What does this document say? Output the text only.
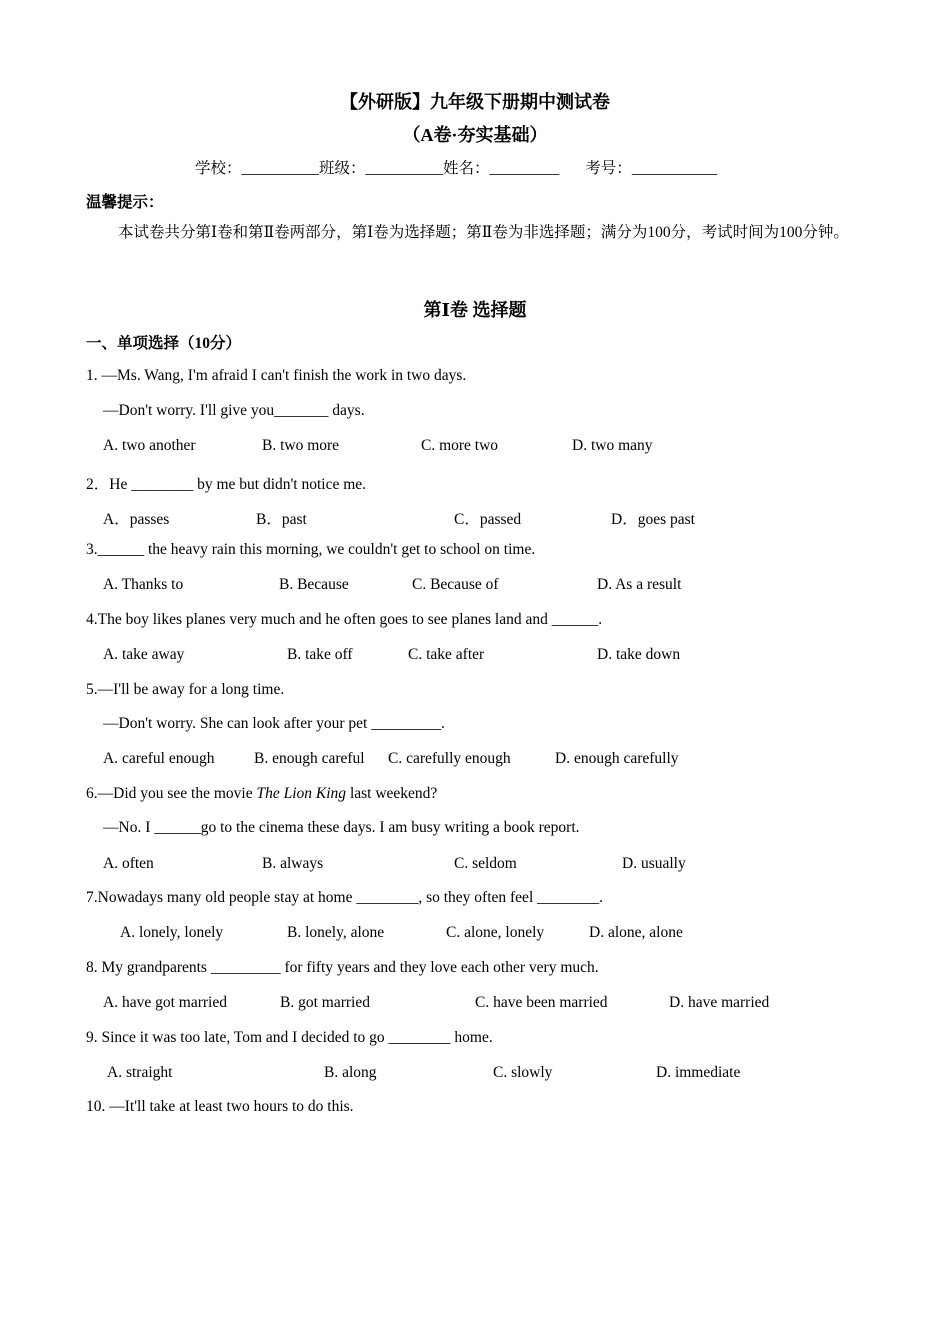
【外研版】九年级下册期中测试卷
（A卷·夯实基础）
学校：__________班级：__________姓名：_________ 考号：___________
温馨提示：
本试卷共分第Ⅰ卷和第Ⅱ卷两部分，第Ⅰ卷为选择题；第Ⅱ卷为非选择题；满分为100分，考试时间为100分钟。
第Ⅰ卷 选择题
一、单项选择（10分）
1. —Ms. Wang, I'm afraid I can't finish the work in two days.
—Don't worry. I'll give you_______ days.
A. two another	B. two more	C. more two	D. two many
2．He ________ by me but didn't notice me.
A．passes	B．past	C．passed	D．goes past
3.______ the heavy rain this morning, we couldn't get to school on time.
A. Thanks to	B. Because	C. Because of	D. As a result
4.The boy likes planes very much and he often goes to see planes land and ______.
A. take away	B. take off	C. take after	D. take down
5.—I'll be away for a long time.
—Don't worry. She can look after your pet _________.
A. careful enough	B. enough careful C. carefully enough	D. enough carefully
6.—Did you see the movie The Lion King last weekend?
—No. I ______go to the cinema these days. I am busy writing a book report.
A. often	B. always	C. seldom	D. usually
7.Nowadays many old people stay at home ________, so they often feel ________.
A. lonely, lonely	B. lonely, alone	C. alone, lonely	D. alone, alone
8. My grandparents _________ for fifty years and they love each other very much.
A. have got married	B. got married	C. have been married	D. have married
9. Since it was too late, Tom and I decided to go ________ home.
A. straight	B. along	C. slowly	D. immediate
10. —It'll take at least two hours to do this.
